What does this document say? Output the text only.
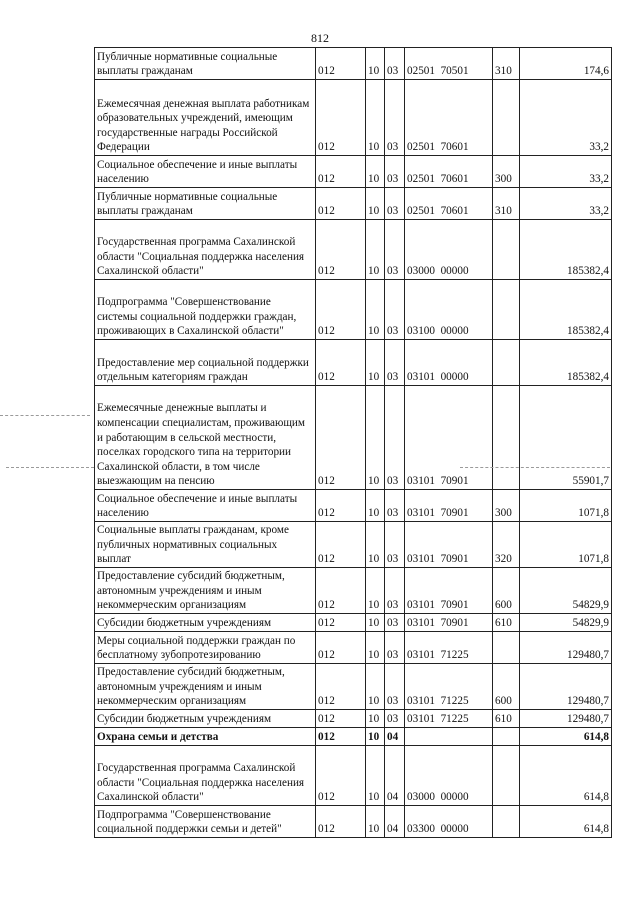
812
Публичные нормативные социальные выплаты гражданам	012	10	03	02501  70501	310	174,6
Ежемесячная денежная выплата работникам образовательных учреждений, имеющим государственные награды Российской Федерации	012	10	03	02501  70601		33,2
Социальное обеспечение и иные выплаты населению	012	10	03	02501  70601	300	33,2
Публичные нормативные социальные выплаты гражданам	012	10	03	02501  70601	310	33,2
Государственная программа Сахалинской области "Социальная поддержка населения Сахалинской области"	012	10	03	03000  00000		185382,4
Подпрограмма "Совершенствование системы социальной поддержки граждан, проживающих в Сахалинской области"	012	10	03	03100  00000		185382,4
Предоставление мер социальной поддержки отдельным категориям граждан	012	10	03	03101  00000		185382,4
Ежемесячные денежные выплаты и компенсации специалистам, проживающим и работающим в сельской местности, поселках городского типа на территории Сахалинской области, в том числе выезжающим на пенсию	012	10	03	03101  70901		55901,7
Социальное обеспечение и иные выплаты населению	012	10	03	03101  70901	300	1071,8
Социальные выплаты гражданам, кроме публичных нормативных социальных выплат	012	10	03	03101  70901	320	1071,8
Предоставление субсидий бюджетным, автономным учреждениям и иным некоммерческим организациям	012	10	03	03101  70901	600	54829,9
Субсидии бюджетным учреждениям	012	10	03	03101  70901	610	54829,9
Меры социальной поддержки граждан по бесплатному зубопротезированию	012	10	03	03101  71225		129480,7
Предоставление субсидий бюджетным, автономным учреждениям и иным некоммерческим организациям	012	10	03	03101  71225	600	129480,7
Субсидии бюджетным учреждениям	012	10	03	03101  71225	610	129480,7
Охрана семьи и детства	012	10	04			614,8
Государственная программа Сахалинской области "Социальная поддержка населения Сахалинской области"	012	10	04	03000  00000		614,8
Подпрограмма "Совершенствование социальной поддержки семьи и детей"	012	10	04	03300  00000		614,8
